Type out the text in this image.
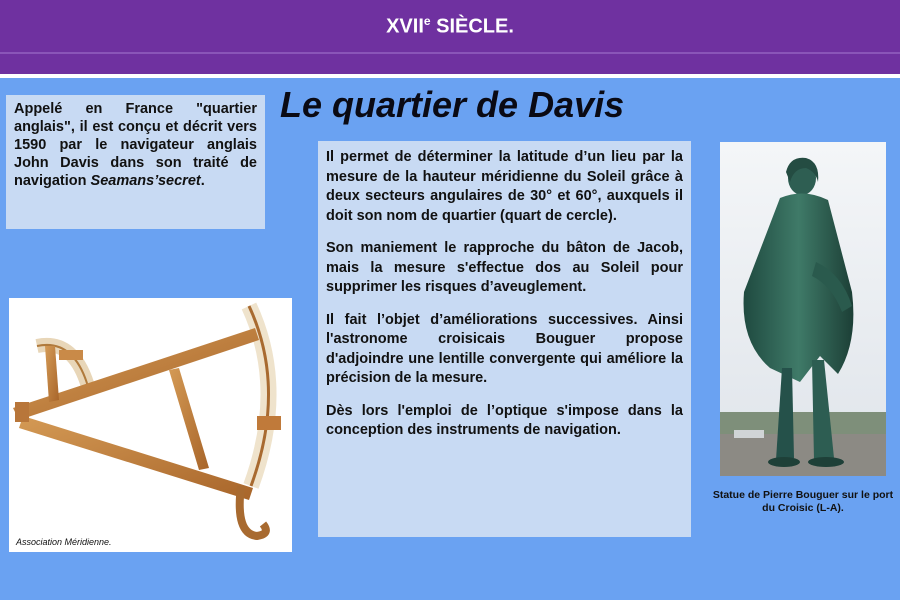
XVIIe SIÈCLE.
Le quartier de Davis
Appelé en France "quartier anglais", il est conçu et décrit vers 1590 par le navigateur anglais John Davis dans son traité de navigation Seamans’secret.

Il permet de déterminer la latitude d’un lieu par la mesure de la hauteur méridienne du Soleil grâce à deux secteurs angulaires de 30° et 60°, auxquels il doit son nom de quartier (quart de cercle).

Son maniement le rapproche du bâton de Jacob, mais la mesure s'effectue dos au Soleil pour supprimer les risques d’aveuglement.

Il fait l’objet d’améliorations successives. Ainsi l'astronome croisicais Bouguer propose d'adjoindre une lentille convergente qui améliore la précision de la mesure.

Dès lors l'emploi de l’optique s'impose dans la conception des instruments de navigation.

Association Méridienne.
Statue de Pierre Bouguer sur le port du Croisic (L-A).
